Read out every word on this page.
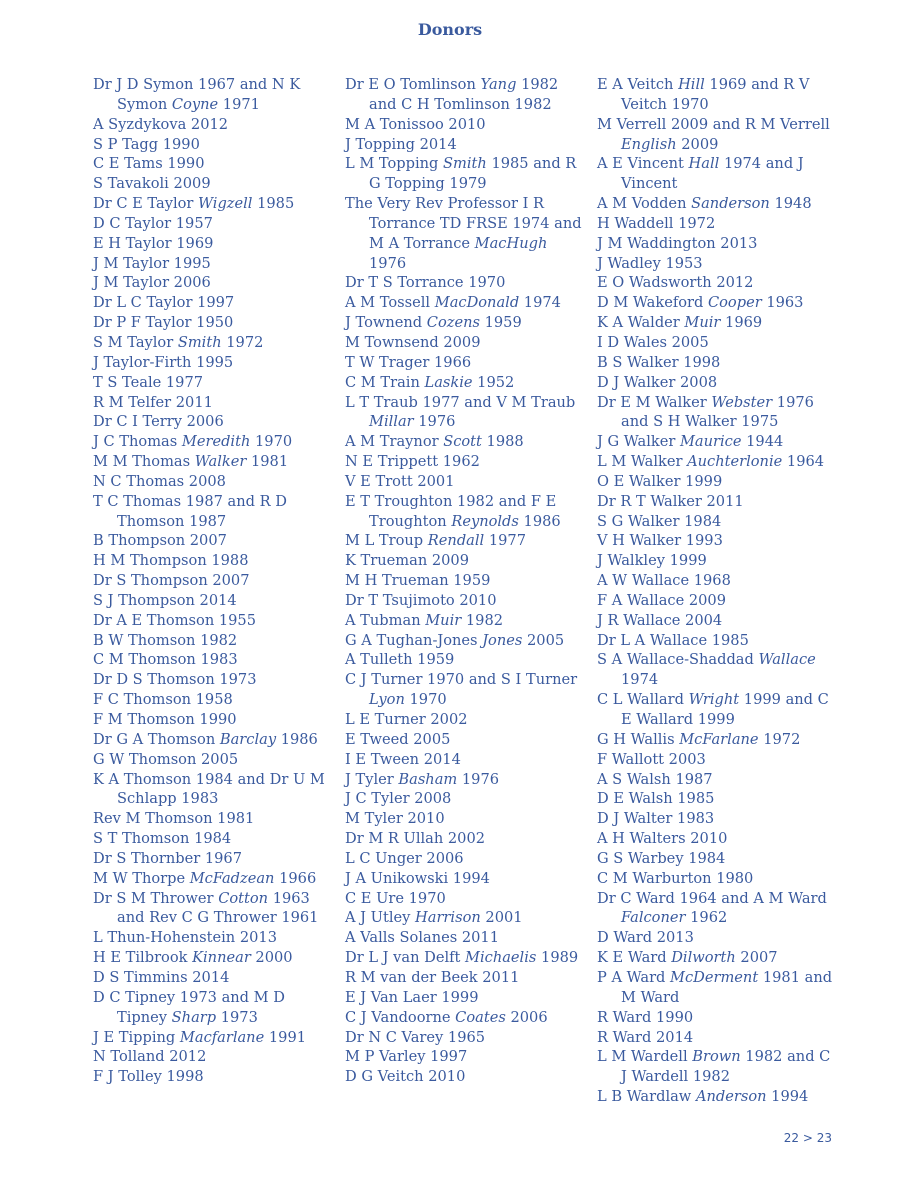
Donors
Dr J D Symon 1967 and N K Symon Coyne 1971
A Syzdykova 2012
S P Tagg 1990
C E Tams 1990
S Tavakoli 2009
Dr C E Taylor Wigzell 1985
D C Taylor 1957
E H Taylor 1969
J M Taylor 1995
J M Taylor 2006
Dr L C Taylor 1997
Dr P F Taylor 1950
S M Taylor Smith 1972
J Taylor-Firth 1995
T S Teale 1977
R M Telfer 2011
Dr C I Terry 2006
J C Thomas Meredith 1970
M M Thomas Walker 1981
N C Thomas 2008
T C Thomas 1987 and R D Thomson 1987
B Thompson 2007
H M Thompson 1988
Dr S Thompson 2007
S J Thompson 2014
Dr A E Thomson 1955
B W Thomson 1982
C M Thomson 1983
Dr D S Thomson 1973
F C Thomson 1958
F M Thomson 1990
Dr G A Thomson Barclay 1986
G W Thomson 2005
K A Thomson 1984 and Dr U M Schlapp 1983
Rev M Thomson 1981
S T Thomson 1984
Dr S Thornber 1967
M W Thorpe McFadzean 1966
Dr S M Thrower Cotton 1963 and Rev C G Thrower 1961
L Thun-Hohenstein 2013
H E Tilbrook Kinnear 2000
D S Timmins 2014
D C Tipney 1973 and M D Tipney Sharp 1973
J E Tipping Macfarlane 1991
N Tolland 2012
F J Tolley 1998
Dr E O Tomlinson Yang 1982 and C H Tomlinson 1982
M A Tonissoo 2010
J Topping 2014
L M Topping Smith 1985 and R G Topping 1979
The Very Rev Professor I R Torrance TD FRSE 1974 and M A Torrance MacHugh 1976
Dr T S Torrance 1970
A M Tossell MacDonald 1974
J Townend Cozens 1959
M Townsend 2009
T W Trager 1966
C M Train Laskie 1952
L T Traub 1977 and V M Traub Millar 1976
A M Traynor Scott 1988
N E Trippett 1962
V E Trott 2001
E T Troughton 1982 and F E Troughton Reynolds 1986
M L Troup Rendall 1977
K Trueman 2009
M H Trueman 1959
Dr T Tsujimoto 2010
A Tubman Muir 1982
G A Tughan-Jones Jones 2005
A Tulleth 1959
C J Turner 1970 and S I Turner Lyon 1970
L E Turner 2002
E Tweed 2005
I E Tween 2014
J Tyler Basham 1976
J C Tyler 2008
M Tyler 2010
Dr M R Ullah 2002
L C Unger 2006
J A Unikowski 1994
C E Ure 1970
A J Utley Harrison 2001
A Valls Solanes 2011
Dr L J van Delft Michaelis 1989
R M van der Beek 2011
E J Van Laer 1999
C J Vandoorne Coates 2006
Dr N C Varey 1965
M P Varley 1997
D G Veitch 2010
E A Veitch Hill 1969 and R V Veitch 1970
M Verrell 2009 and R M Verrell English 2009
A E Vincent Hall 1974 and J Vincent
A M Vodden Sanderson 1948
H Waddell 1972
J M Waddington 2013
J Wadley 1953
E O Wadsworth 2012
D M Wakeford Cooper 1963
K A Walder Muir 1969
I D Wales 2005
B S Walker 1998
D J Walker 2008
Dr E M Walker Webster 1976 and S H Walker 1975
J G Walker Maurice 1944
L M Walker Auchterlonie 1964
O E Walker 1999
Dr R T Walker 2011
S G Walker 1984
V H Walker 1993
J Walkley 1999
A W Wallace 1968
F A Wallace 2009
J R Wallace 2004
Dr L A Wallace 1985
S A Wallace-Shaddad Wallace 1974
C L Wallard Wright 1999 and C E Wallard 1999
G H Wallis McFarlane 1972
F Wallott 2003
A S Walsh 1987
D E Walsh 1985
D J Walter 1983
A H Walters 2010
G S Warbey 1984
C M Warburton 1980
Dr C Ward 1964 and A M Ward Falconer 1962
D Ward 2013
K E Ward Dilworth 2007
P A Ward McDerment 1981 and M Ward
R Ward 1990
R Ward 2014
L M Wardell Brown 1982 and C J Wardell 1982
L B Wardlaw Anderson 1994
22 > 23
